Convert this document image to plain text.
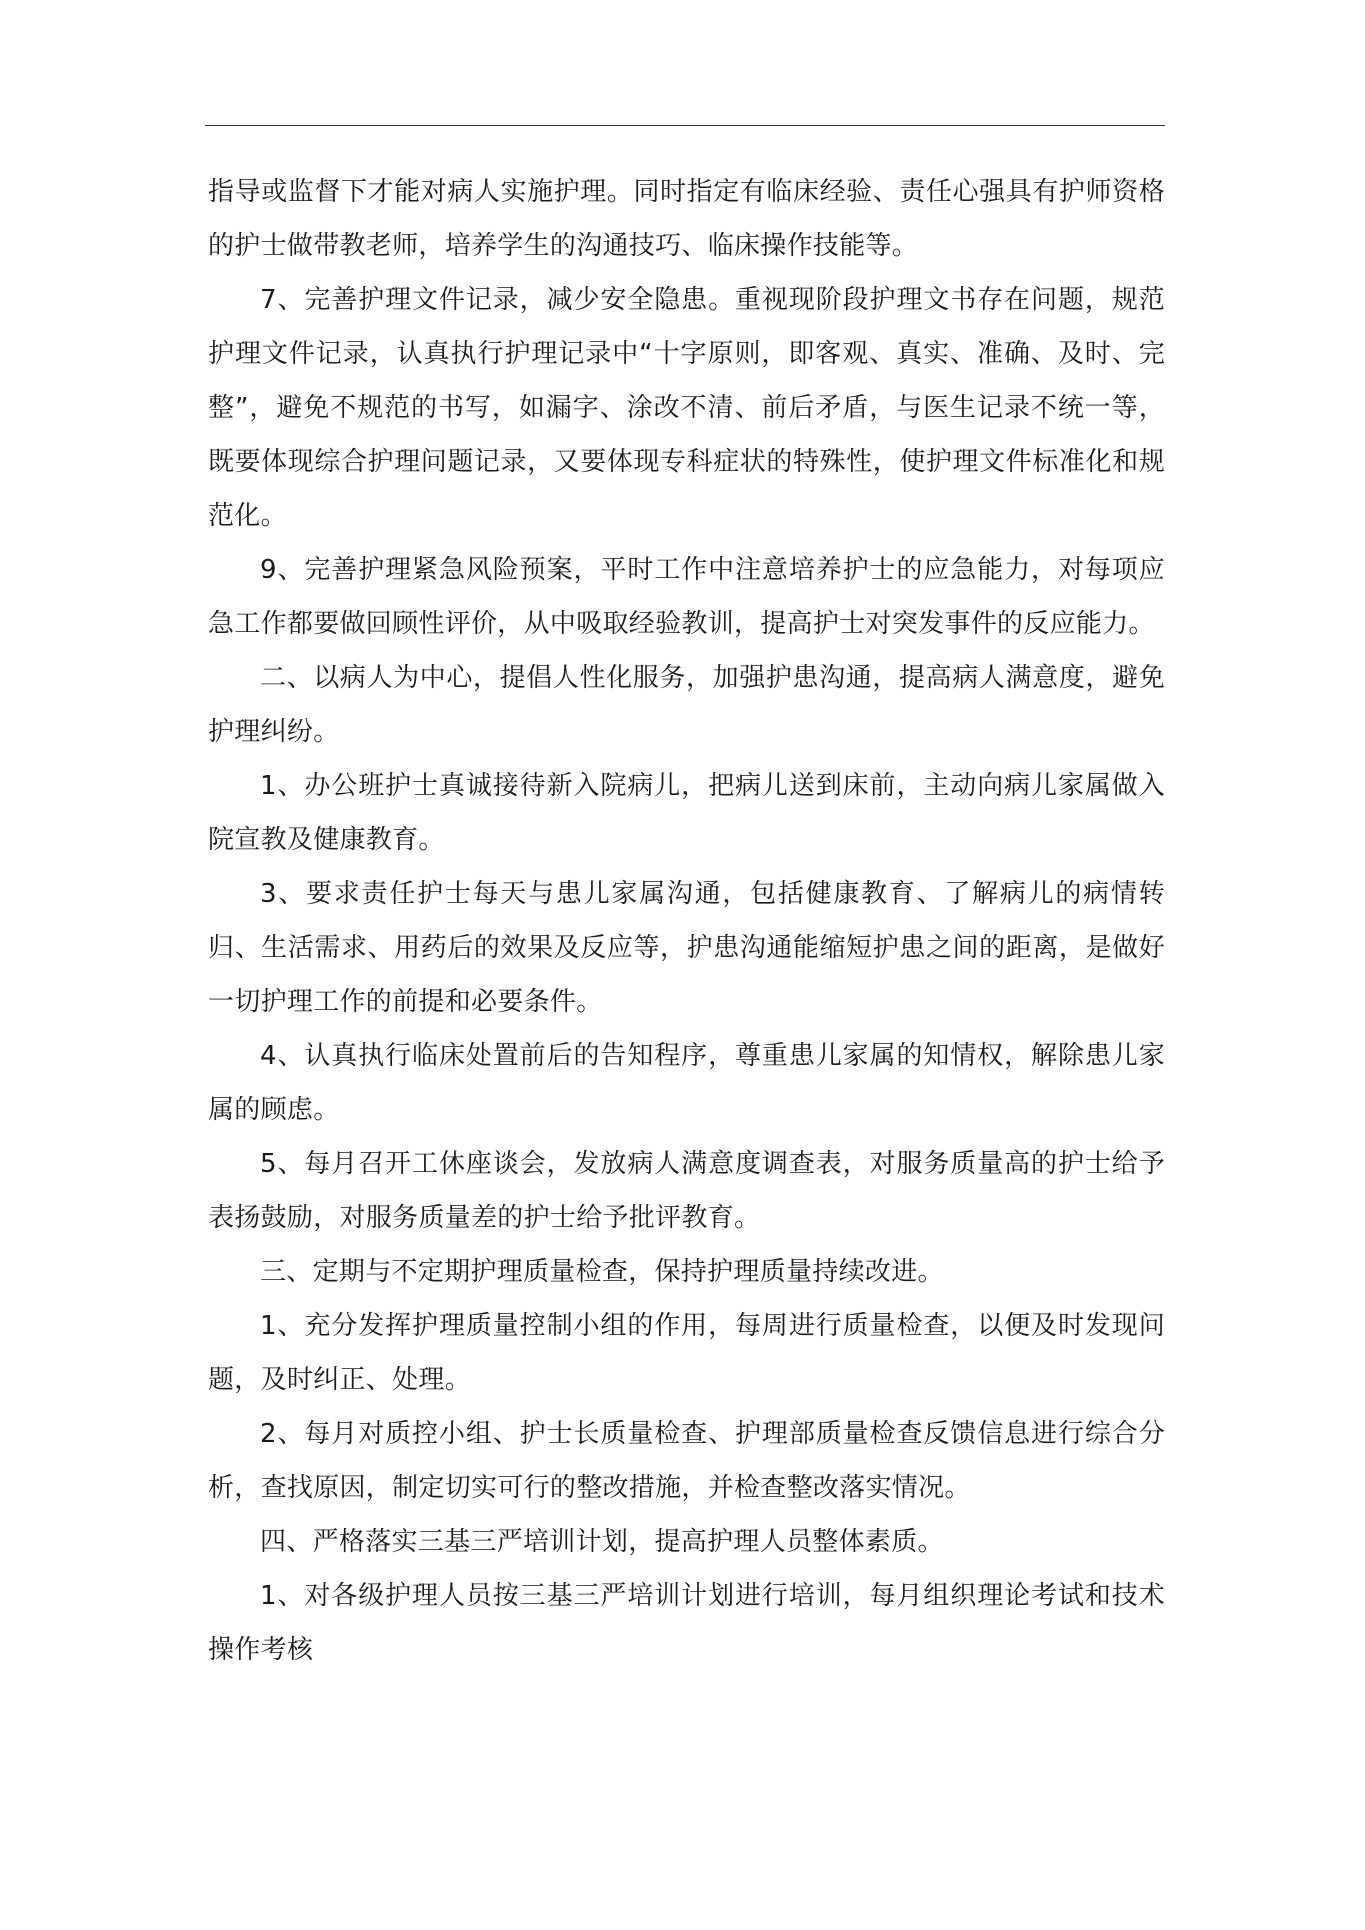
指导或监督下才能对病人实施护理。同时指定有临床经验、责任心强具有护师资格的护士做带教老师，培养学生的沟通技巧、临床操作技能等。

7、完善护理文件记录，减少安全隐患。重视现阶段护理文书存在问题，规范护理文件记录，认真执行护理记录中“十字原则，即客观、真实、准确、及时、完整”，避免不规范的书写，如漏字、涂改不清、前后矛盾，与医生记录不统一等，既要体现综合护理问题记录，又要体现专科症状的特殊性，使护理文件标准化和规范化。

9、完善护理紧急风险预案，平时工作中注意培养护士的应急能力，对每项应急工作都要做回顾性评价，从中吸取经验教训，提高护士对突发事件的反应能力。

二、以病人为中心，提倡人性化服务，加强护患沟通，提高病人满意度，避免护理纠纷。

1、办公班护士真诚接待新入院病儿，把病儿送到床前，主动向病儿家属做入院宣教及健康教育。

3、要求责任护士每天与患儿家属沟通，包括健康教育、了解病儿的病情转归、生活需求、用药后的效果及反应等，护患沟通能缩短护患之间的距离，是做好一切护理工作的前提和必要条件。

4、认真执行临床处置前后的告知程序，尊重患儿家属的知情权，解除患儿家属的顾虑。

5、每月召开工休座谈会，发放病人满意度调查表，对服务质量高的护士给予表扬鼓励，对服务质量差的护士给予批评教育。

三、定期与不定期护理质量检查，保持护理质量持续改进。

1、充分发挥护理质量控制小组的作用，每周进行质量检查，以便及时发现问题，及时纠正、处理。

2、每月对质控小组、护士长质量检查、护理部质量检查反馈信息进行综合分析，查找原因，制定切实可行的整改措施，并检查整改落实情况。

四、严格落实三基三严培训计划，提高护理人员整体素质。

1、对各级护理人员按三基三严培训计划进行培训，每月组织理论考试和技术操作考核
